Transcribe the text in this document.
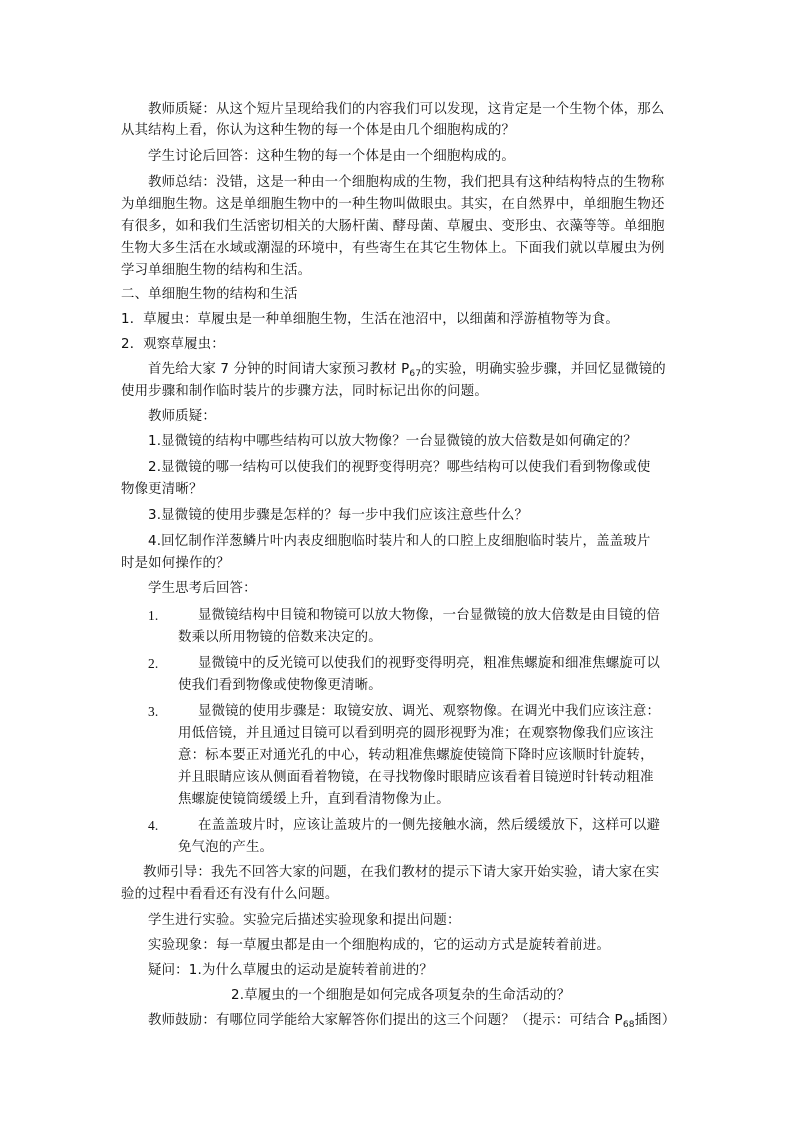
教师质疑：从这个短片呈现给我们的内容我们可以发现，这肯定是一个生物个体，那么
从其结构上看，你认为这种生物的每一个体是由几个细胞构成的？
学生讨论后回答：这种生物的每一个体是由一个细胞构成的。
教师总结：没错，这是一种由一个细胞构成的生物，我们把具有这种结构特点的生物称
为单细胞生物。这是单细胞生物中的一种生物叫做眼虫。其实，在自然界中，单细胞生物还
有很多，如和我们生活密切相关的大肠杆菌、酵母菌、草履虫、变形虫、衣藻等等。单细胞
生物大多生活在水域或潮湿的环境中，有些寄生在其它生物体上。下面我们就以草履虫为例
学习单细胞生物的结构和生活。
二、单细胞生物的结构和生活
1．草履虫：草履虫是一种单细胞生物，生活在池沼中，以细菌和浮游植物等为食。
2．观察草履虫：
首先给大家 7 分钟的时间请大家预习教材 $P_{67}$的实验，明确实验步骤，并回忆显微镜的
使用步骤和制作临时装片的步骤方法，同时标记出你的问题。
教师质疑：
1.显微镜的结构中哪些结构可以放大物像？一台显微镜的放大倍数是如何确定的？
2.显微镜的哪一结构可以使我们的视野变得明亮？哪些结构可以使我们看到物像或使
物像更清晰？
3.显微镜的使用步骤是怎样的？每一步中我们应该注意些什么？
4.回忆制作洋葱鳞片叶内表皮细胞临时装片和人的口腔上皮细胞临时装片，盖盖玻片
时是如何操作的？
学生思考后回答：
1.	显微镜结构中目镜和物镜可以放大物像，一台显微镜的放大倍数是由目镜的倍
数乘以所用物镜的倍数来决定的。
2.	显微镜中的反光镜可以使我们的视野变得明亮，粗准焦螺旋和细准焦螺旋可以
使我们看到物像或使物像更清晰。
3.	显微镜的使用步骤是：取镜安放、调光、观察物像。在调光中我们应该注意：
用低倍镜，并且通过目镜可以看到明亮的圆形视野为准；在观察物像我们应该注
意：标本要正对通光孔的中心，转动粗准焦螺旋使镜筒下降时应该顺时针旋转，
并且眼睛应该从侧面看着物镜，在寻找物像时眼睛应该看着目镜逆时针转动粗准
焦螺旋使镜筒缓缓上升，直到看清物像为止。
4.	在盖盖玻片时，应该让盖玻片的一侧先接触水滴，然后缓缓放下，这样可以避
免气泡的产生。
教师引导：我先不回答大家的问题，在我们教材的提示下请大家开始实验，请大家在实
验的过程中看看还有没有什么问题。
学生进行实验。实验完后描述实验现象和提出问题：
实验现象：每一草履虫都是由一个细胞构成的，它的运动方式是旋转着前进。
疑问：1.为什么草履虫的运动是旋转着前进的？
2.草履虫的一个细胞是如何完成各项复杂的生命活动的？
教师鼓励：有哪位同学能给大家解答你们提出的这三个问题？（提示：可结合 $P_{68}$插图）
